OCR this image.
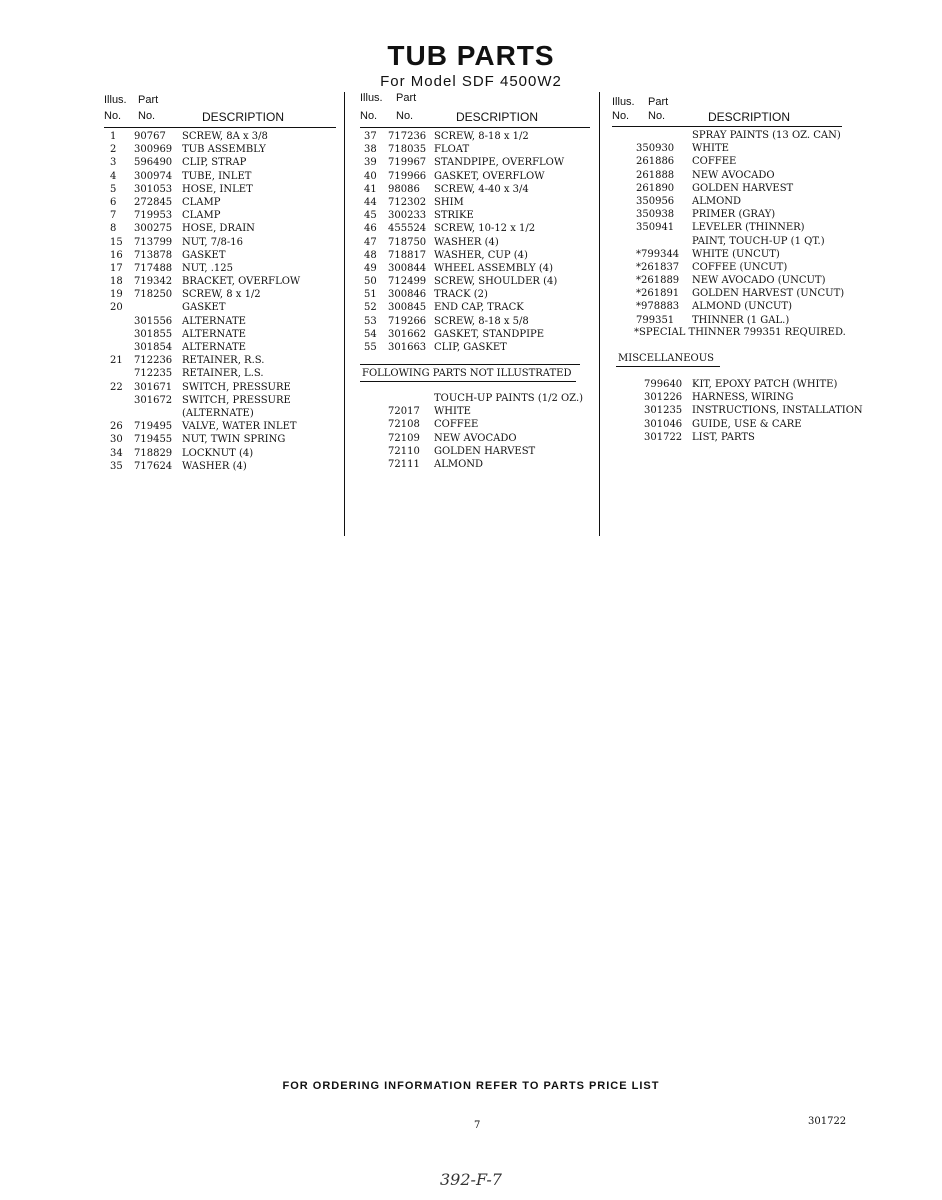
TUB PARTS
For Model SDF 4500W2
Illus. Part
No. No.	DESCRIPTION
1 90767 SCREW, 8A x 3/8
2 300969 TUB ASSEMBLY
3 596490 CLIP, STRAP
4 300974 TUBE, INLET
5 301053 HOSE, INLET
6 272845 CLAMP
7 719953 CLAMP
8 300275 HOSE, DRAIN
15 713799 NUT, 7/8-16
16 713878 GASKET
17 717488 NUT, .125
18 719342 BRACKET, OVERFLOW
19 718250 SCREW, 8 x 1/2
20	GASKET
301556 ALTERNATE
301855 ALTERNATE
301854 ALTERNATE
21 712236 RETAINER, R.S.
712235 RETAINER, L.S.
22 301671 SWITCH, PRESSURE
301672 SWITCH, PRESSURE
(ALTERNATE)
26 719495 VALVE, WATER INLET
30 719455 NUT, TWIN SPRING
34 718829 LOCKNUT (4)
35 717624 WASHER (4)
Illus. Part
No. No.	DESCRIPTION
37 717236 SCREW, 8-18 x 1/2
38 718035 FLOAT
39 719967 STANDPIPE, OVERFLOW
40 719966 GASKET, OVERFLOW
41 98086 SCREW, 4-40 x 3/4
44 712302 SHIM
45 300233 STRIKE
46 455524 SCREW, 10-12 x 1/2
47 718750 WASHER (4)
48 718817 WASHER, CUP (4)
49 300844 WHEEL ASSEMBLY (4)
50 712499 SCREW, SHOULDER (4)
51 300846 TRACK (2)
52 300845 END CAP, TRACK
53 719266 SCREW, 8-18 x 5/8
54 301662 GASKET, STANDPIPE
55 301663 CLIP, GASKET
FOLLOWING PARTS NOT ILLUSTRATED
TOUCH-UP PAINTS (1/2 OZ.)
72017 WHITE
72108 COFFEE
72109 NEW AVOCADO
72110 GOLDEN HARVEST
72111 ALMOND
Illus. Part
No. No.	DESCRIPTION
SPRAY PAINTS (13 OZ. CAN)
350930 WHITE
261886 COFFEE
261888 NEW AVOCADO
261890 GOLDEN HARVEST
350956 ALMOND
350938 PRIMER (GRAY)
350941 LEVELER (THINNER)
PAINT, TOUCH-UP (1 QT.)
*799344 WHITE (UNCUT)
*261837 COFFEE (UNCUT)
*261889 NEW AVOCADO (UNCUT)
*261891 GOLDEN HARVEST (UNCUT)
*978883 ALMOND (UNCUT)
799351 THINNER (1 GAL.)
*SPECIAL THINNER 799351 REQUIRED.
MISCELLANEOUS
799640 KIT, EPOXY PATCH (WHITE)
301226 HARNESS, WIRING
301235 INSTRUCTIONS, INSTALLATION
301046 GUIDE, USE & CARE
301722 LIST, PARTS
FOR ORDERING INFORMATION REFER TO PARTS PRICE LIST
7	301722
392-F-7
